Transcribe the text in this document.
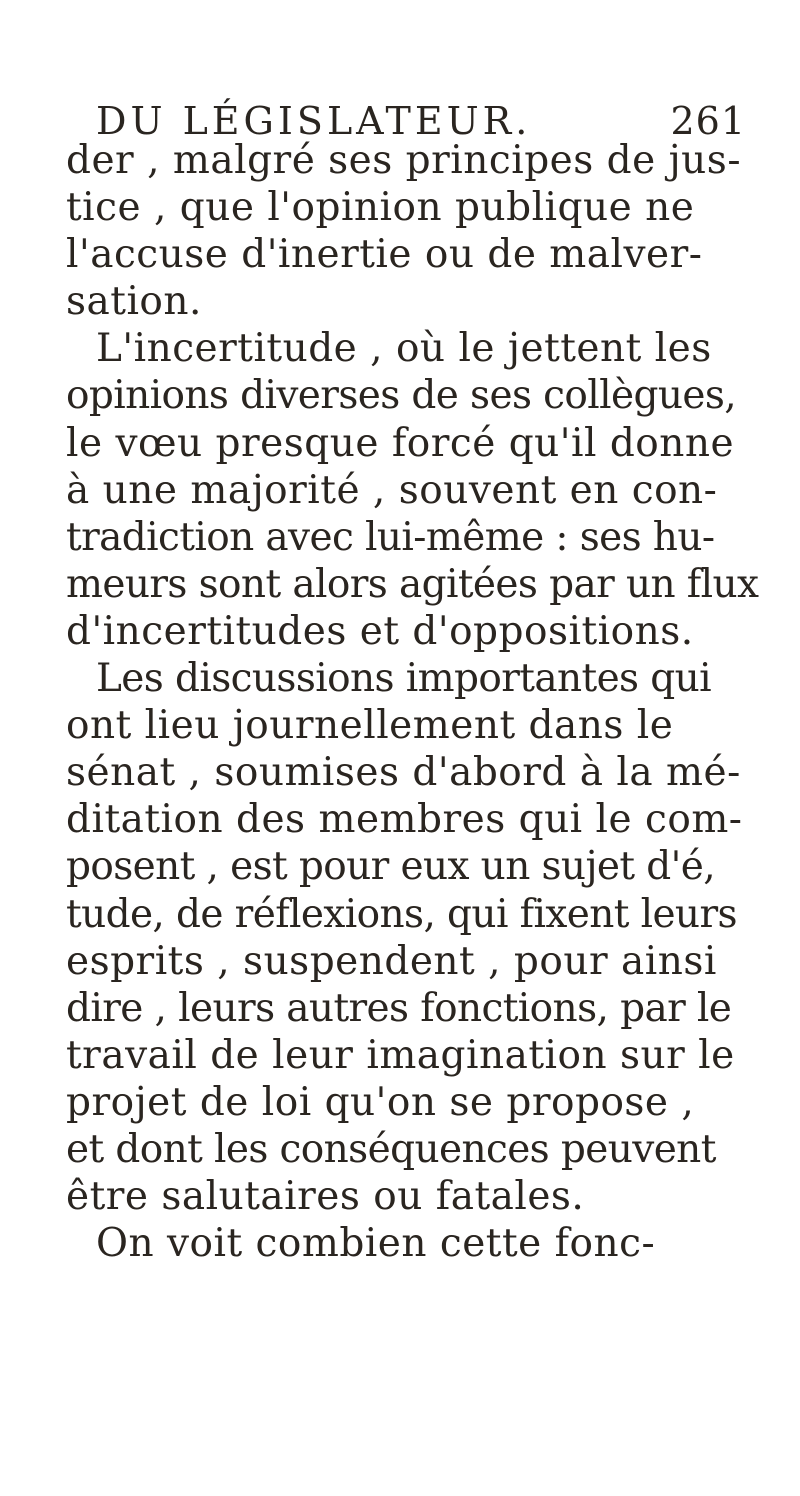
DU LÉGISLATEUR.	261
der , malgré ses principes de jus-
tice , que l'opinion publique ne
l'accuse d'inertie ou de malver-
sation.
L'incertitude , où le jettent les
opinions diverses de ses collègues,
le vœu presque forcé qu'il donne
à une majorité , souvent en con-
tradiction avec lui-même : ses hu-
meurs sont alors agitées par un flux
d'incertitudes et d'oppositions.
Les discussions importantes qui
ont lieu journellement dans le
sénat , soumises d'abord à la mé-
ditation des membres qui le com-
posent , est pour eux un sujet d'é,
tude, de réflexions, qui fixent leurs
esprits , suspendent , pour ainsi
dire , leurs autres fonctions, par le
travail de leur imagination sur le
projet de loi qu'on se propose ,
et dont les conséquences peuvent
être salutaires ou fatales.
On voit combien cette fonc-
